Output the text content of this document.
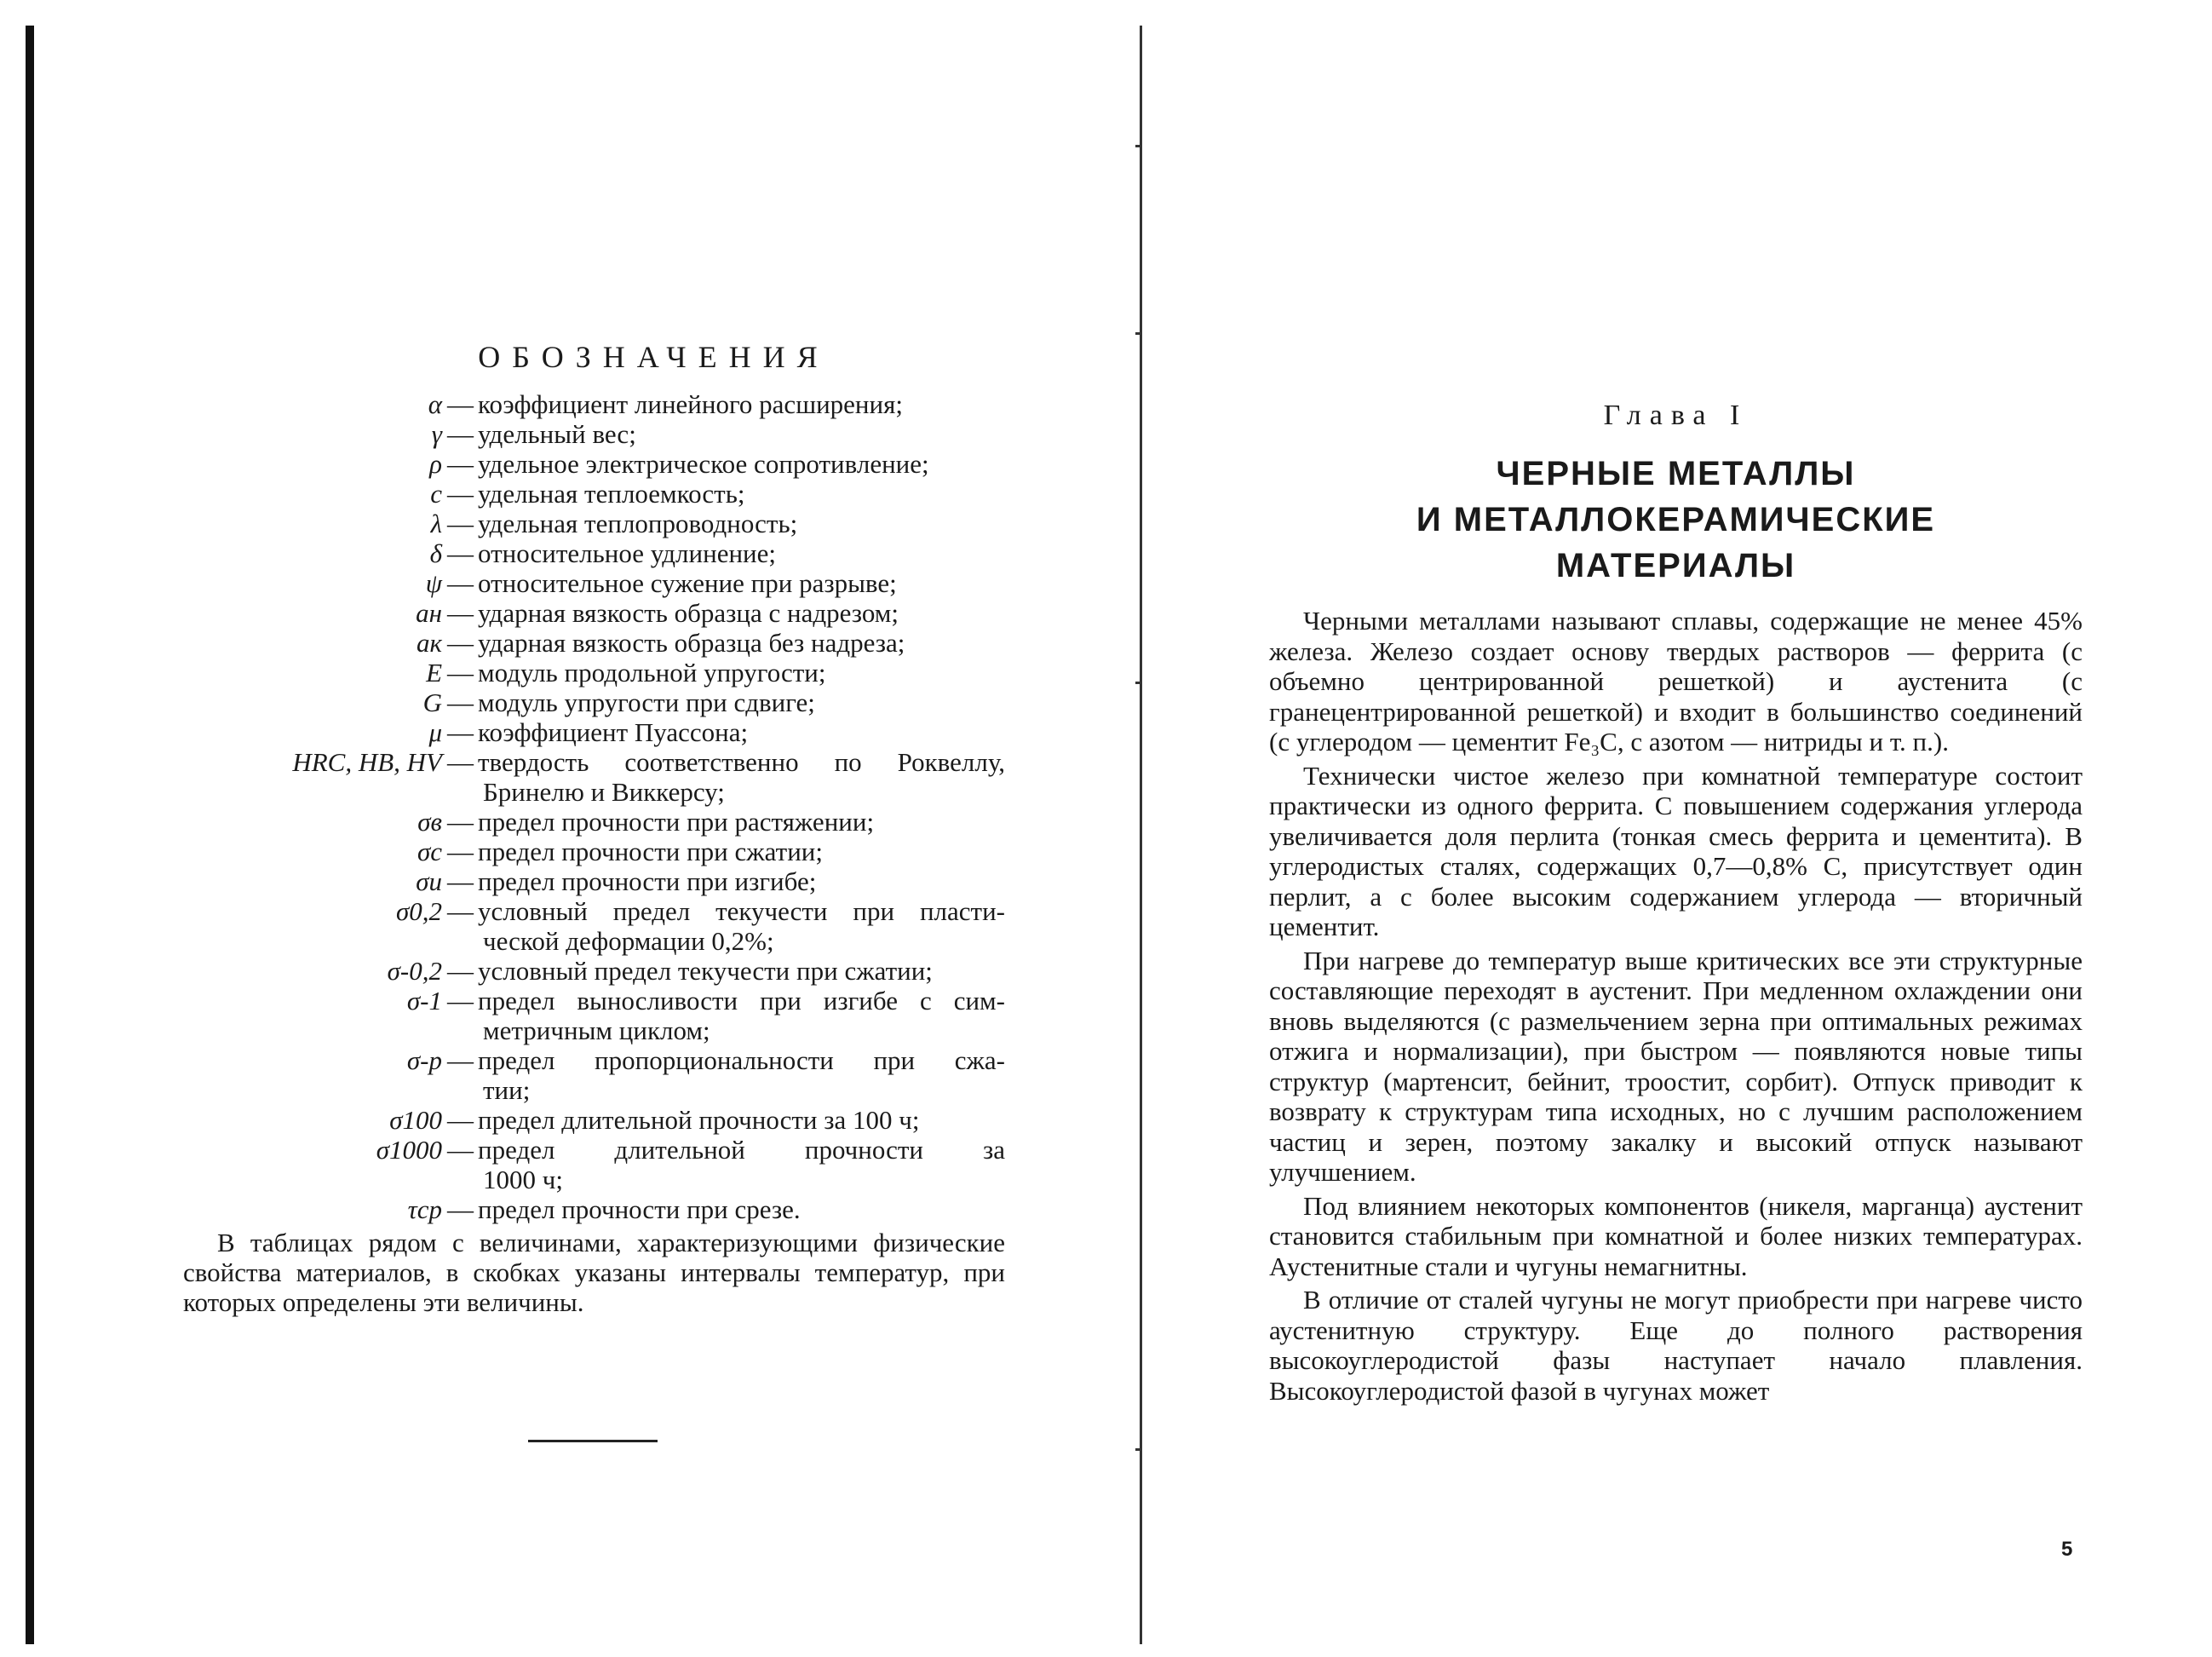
ОБОЗНАЧЕНИЯ
α — коэффициент линейного расширения;
γ — удельный вес;
ρ — удельное электрическое сопротивление;
c — удельная теплоемкость;
λ — удельная теплопроводность;
δ — относительное удлинение;
ψ — относительное сужение при разрыве;
aн — ударная вязкость образца с надрезом;
aк — ударная вязкость образца без надреза;
E — модуль продольной упругости;
G — модуль упругости при сдвиге;
μ — коэффициент Пуассона;
HRC, HB, HV — твердость соответственно по Роквеллу,
Бринелю и Виккерсу;
σв — предел прочности при растяжении;
σс — предел прочности при сжатии;
σи — предел прочности при изгибе;
σ0,2 — условный предел текучести при пласти-
ческой деформации 0,2%;
σ-0,2 — условный предел текучести при сжатии;
σ-1 — предел выносливости при изгибе с сим-
метричным циклом;
σ-p — предел пропорциональности при сжа-
тии;
σ100 — предел длительной прочности за 100 ч;
σ1000 — предел длительной прочности за
1000 ч;
τср — предел прочности при срезе.

В таблицах рядом с величинами, характеризующими физические свойства материалов, в скобках указаны интервалы температур, при которых определены эти величины.

Глава I
ЧЕРНЫЕ МЕТАЛЛЫ
И МЕТАЛЛОКЕРАМИЧЕСКИЕ
МАТЕРИАЛЫ

Черными металлами называют сплавы, содержащие не менее 45% железа. Железо создает основу твердых растворов — феррита (с объемно центрированной решеткой) и аустенита (с гранецентрированной решеткой) и входит в большинство соединений (с углеродом — цементит Fe₃C, с азотом — нитриды и т. п.).

Технически чистое железо при комнатной температуре состоит практически из одного феррита. С повышением содержания углерода увеличивается доля перлита (тонкая смесь феррита и цементита). В углеродистых сталях, содержащих 0,7—0,8% С, присутствует один перлит, а с более высоким содержанием углерода — вторичный цементит.

При нагреве до температур выше критических все эти структурные составляющие переходят в аустенит. При медленном охлаждении они вновь выделяются (с размельчением зерна при оптимальных режимах отжига и нормализации), при быстром — появляются новые типы структур (мартенсит, бейнит, троостит, сорбит). Отпуск приводит к возврату к структурам типа исходных, но с лучшим расположением частиц и зерен, поэтому закалку и высокий отпуск называют улучшением.

Под влиянием некоторых компонентов (никеля, марганца) аустенит становится стабильным при комнатной и более низких температурах. Аустенитные стали и чугуны немагнитны.

В отличие от сталей чугуны не могут приобрести при нагреве чисто аустенитную структуру. Еще до полного растворения высокоуглеродистой фазы наступает начало плавления. Высокоуглеродистой фазой в чугунах может

5
